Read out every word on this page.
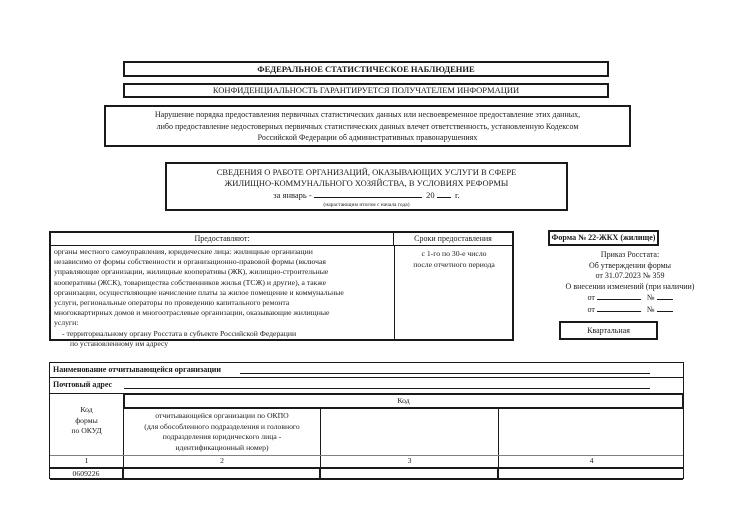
ФЕДЕРАЛЬНОЕ СТАТИСТИЧЕСКОЕ НАБЛЮДЕНИЕ
КОНФИДЕНЦИАЛЬНОСТЬ ГАРАНТИРУЕТСЯ ПОЛУЧАТЕЛЕМ ИНФОРМАЦИИ
Нарушение порядка предоставления первичных статистических данных или несвоевременное предоставление этих данных,
либо предоставление недостоверных первичных статистических данных влечет ответственность, установленную Кодексом
Российской Федерации об административных правонарушениях
СВЕДЕНИЯ О РАБОТЕ ОРГАНИЗАЦИЙ, ОКАЗЫВАЮЩИХ УСЛУГИ В СФЕРЕ
ЖИЛИЩНО-КОММУНАЛЬНОГО ХОЗЯЙСТВА, В УСЛОВИЯХ РЕФОРМЫ
за январь -	20 г.
(нарастающим итогом с начала года)
Предоставляют:	Сроки предоставления
органы местного самоуправления, юридические лица: жилищные организации
независимо от формы собственности и организационно-правовой формы (включая
управляющие организации, жилищные кооперативы (ЖК), жилищно-строительные
кооперативы (ЖСК), товарищества собственников жилья (ТСЖ) и другие), а также
организации, осуществляющие начисление платы за жилое помещение и коммунальные
услуги, региональные операторы по проведению капитального ремонта
многоквартирных домов и многоотраслевые организации, оказывающие жилищные
услуги:
- территориальному органу Росстата в субъекте Российской Федерации
по установленному им адресу
с 1-го по 30-е число
после отчетного периода
Форма № 22-ЖКХ (жилище)
Приказ Росстата:
Об утверждении формы
от 31.07.2023 № 359
О внесении изменений (при наличии)
от	№
от	№
Квартальная
Наименование отчитывающейся организации
Почтовый адрес
Код
Код
формы
по ОКУД
отчитывающейся организации по ОКПО
(для обособленного подразделения и головного
подразделения юридического лица -
идентификационный номер)
1	2	3	4
0609226
